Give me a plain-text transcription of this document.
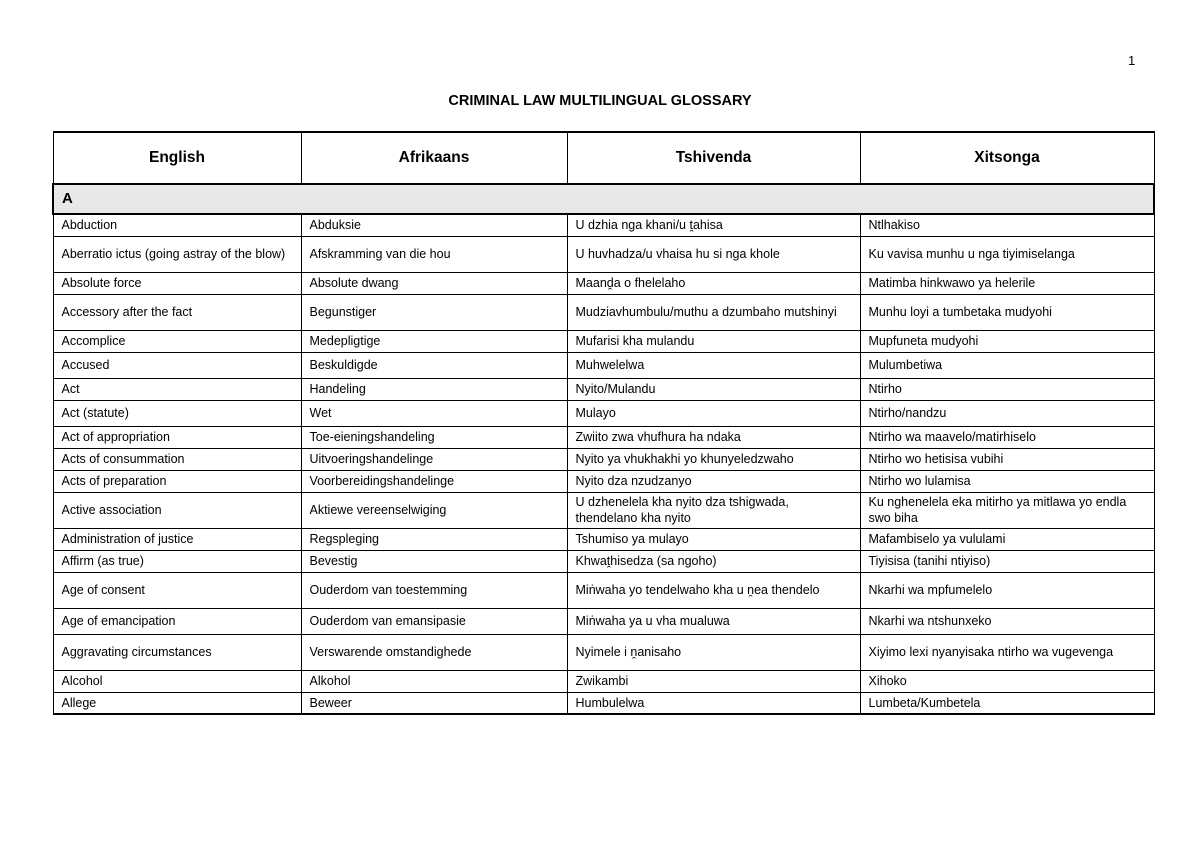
1
CRIMINAL LAW MULTILINGUAL GLOSSARY
English	Afrikaans	Tshivenda	Xitsonga
A			
Abduction	Abduksie	U dzhia nga khani/u ṱahisa	Ntlhakiso
Aberratio ictus (going astray of the blow)	Afskramming van die hou	U huvhadza/u vhaisa hu si nga khole	Ku vavisa munhu u nga tiyimiselanga
Absolute force	Absolute dwang	Maanḓa o fhelelaho	Matimba hinkwawo ya helerile
Accessory after the fact	Begunstiger	Mudziavhumbulu/muthu a dzumbaho mutshinyi	Munhu loyi a tumbetaka mudyohi
Accomplice	Medepligtige	Mufarisi kha mulandu	Mupfuneta mudyohi
Accused	Beskuldigde	Muhwelelwa	Mulumbetiwa
Act	Handeling	Nyito/Mulandu	Ntirho
Act (statute)	Wet	Mulayo	Ntirho/nandzu
Act of appropriation	Toe-eieningshandeling	Zwiito zwa vhufhura ha ndaka	Ntirho wa maavelo/matirhiselo
Acts of consummation	Uitvoeringshandelinge	Nyito ya vhukhakhi yo khunyeledzwaho	Ntirho wo hetisisa vubihi
Acts of preparation	Voorbereidingshandelinge	Nyito dza nzudzanyo	Ntirho wo lulamisa
Active association	Aktiewe vereenselwiging	U dzhenelela kha nyito dza tshigwada, thendelano kha nyito	Ku nghenelela eka mitirho ya mitlawa yo endla swo biha
Administration of justice	Regspleging	Tshumiso ya mulayo	Mafambiselo ya vululami
Affirm (as true)	Bevestig	Khwaṱhisedza (sa ngoho)	Tiyisisa (tanihi ntiyiso)
Age of consent	Ouderdom van toestemming	Miṅwaha yo tendelwaho kha u ṋea thendelo	Nkarhi wa mpfumelelo
Age of emancipation	Ouderdom van emansipasie	Miṅwaha ya u vha mualuwa	Nkarhi wa ntshunxeko
Aggravating circumstances	Verswarende omstandighede	Nyimele i ṋanisaho	Xiyimo lexi nyanyisaka ntirho wa vugevenga
Alcohol	Alkohol	Zwikambi	Xihoko
Allege	Beweer	Humbulelwa	Lumbeta/Kumbetela
